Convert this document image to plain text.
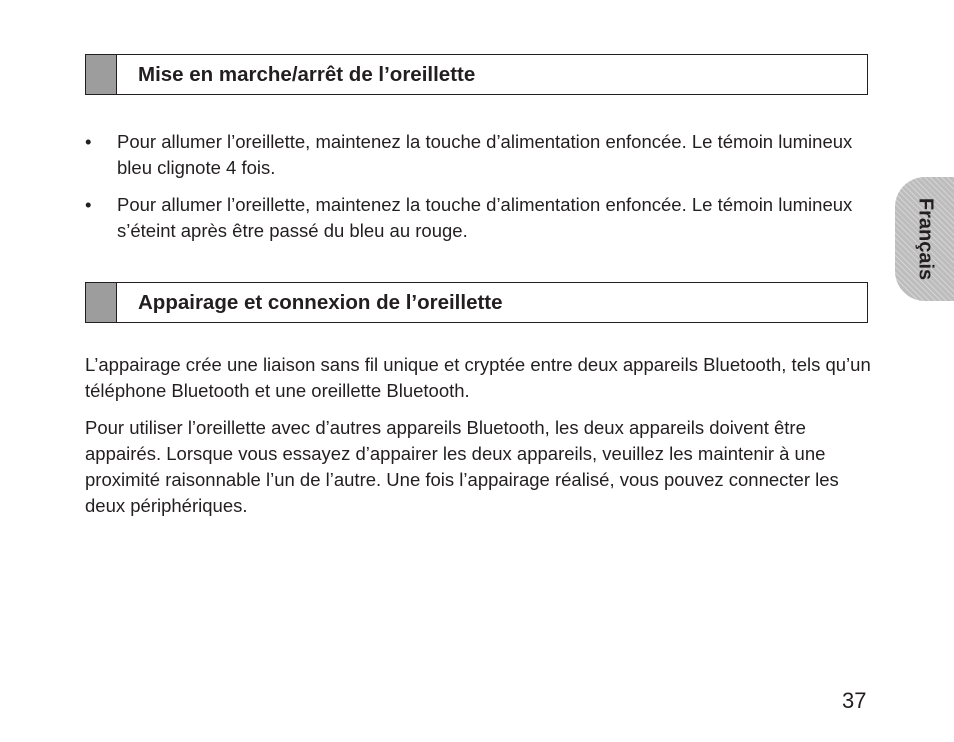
Mise en marche/arrêt de l’oreillette
• Pour allumer l’oreillette, maintenez la touche d’alimentation enfoncée. Le témoin lumineux bleu clignote 4 fois.
• Pour allumer l’oreillette, maintenez la touche d’alimentation enfoncée. Le témoin lumineux s’éteint après être passé du bleu au rouge.
Appairage et connexion de l’oreillette

L’appairage crée une liaison sans fil unique et cryptée entre deux appareils Bluetooth, tels qu’un téléphone Bluetooth et une oreillette Bluetooth.

Pour utiliser l’oreillette avec d’autres appareils Bluetooth, les deux appareils doivent être appairés. Lorsque vous essayez d’appairer les deux appareils, veuillez les maintenir à une proximité raisonnable l’un de l’autre. Une fois l’appairage réalisé, vous pouvez connecter les deux périphériques.

Français
37
